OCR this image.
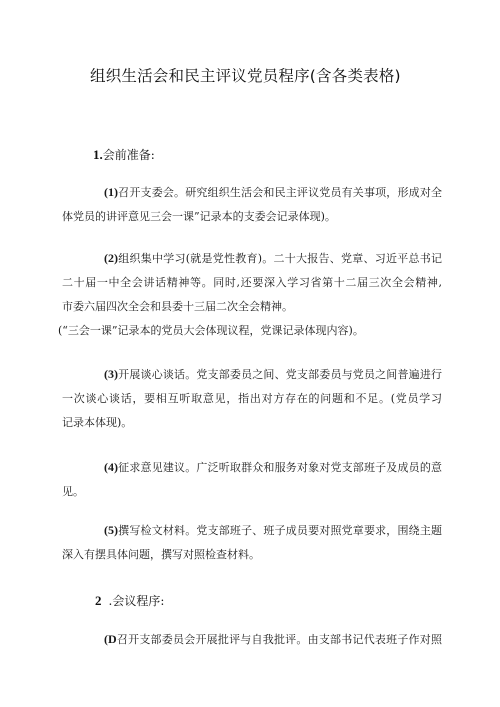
组织生活会和民主评议党员程序(含各类表格)
1.会前准备:
(1)召开支委会。研究组织生活会和民主评议党员有关事项，形成对全
体党员的讲评意见三会一课”记录本的支委会记录体现)。
(2)组织集中学习(就是党性教育)。二十大报告、党章、习近平总书记
二十届一中全会讲话精神等。同时,还要深入学习省第十二届三次全会精神,
市委六届四次全会和县委十三届二次全会精神。
(“三会一课”记录本的党员大会体现议程，党课记录体现内容)。
(3)开展谈心谈话。党支部委员之间、党支部委员与党员之间普遍进行
一次谈心谈话，要相互听取意见，指出对方存在的问题和不足。(党员学习
记录本体现)。
(4)征求意见建议。广泛听取群众和服务对象对党支部班子及成员的意
见。
(5)撰写检文材料。党支部班子、班子成员要对照党章要求，围绕主题
深入有摆具体问题，撰写对照检查材料。
2 .会议程序:
(D召开支部委员会开展批评与自我批评。由支部书记代表班子作对照
